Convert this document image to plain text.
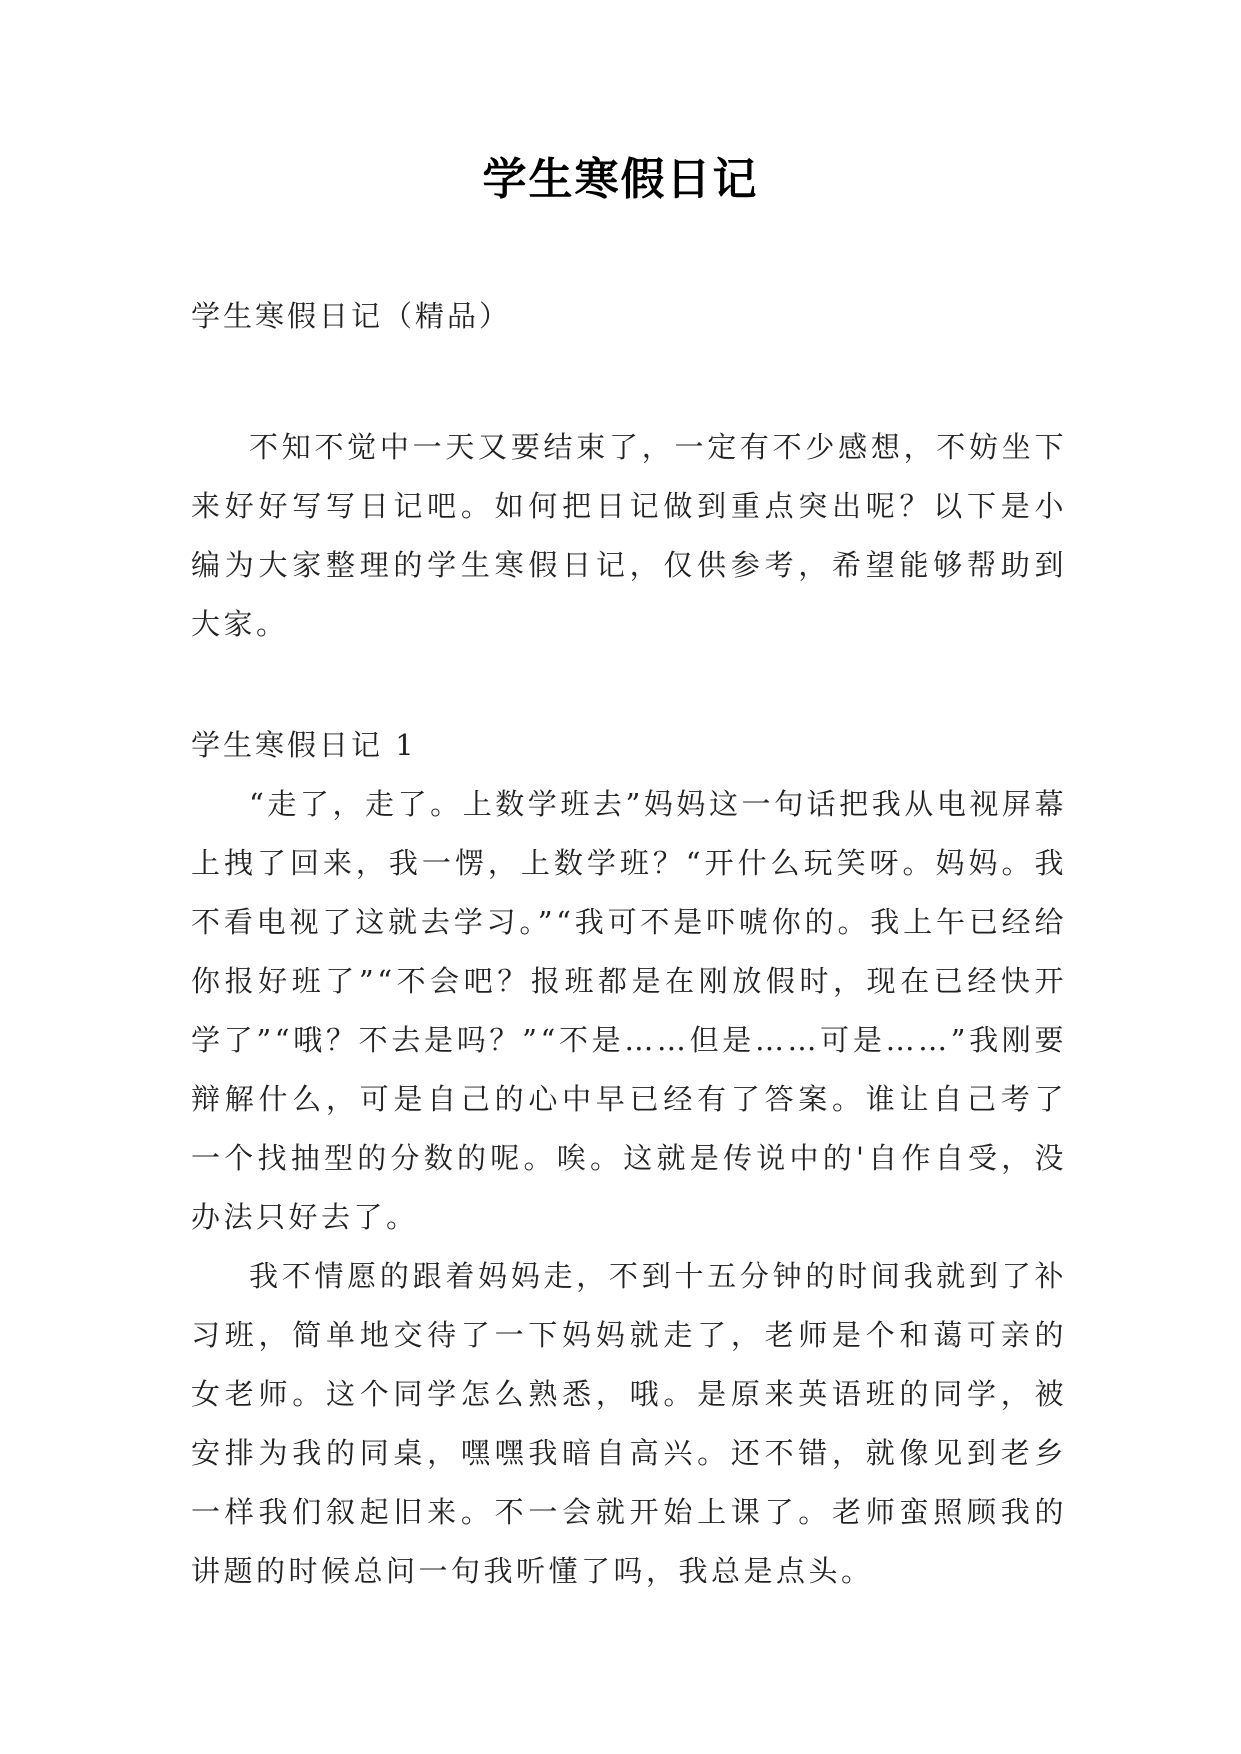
学生寒假日记

学生寒假日记（精品）

不知不觉中一天又要结束了，一定有不少感想，不妨坐下来好好写写日记吧。如何把日记做到重点突出呢？以下是小编为大家整理的学生寒假日记，仅供参考，希望能够帮助到大家。

学生寒假日记 1

“走了，走了。上数学班去”妈妈这一句话把我从电视屏幕上拽了回来，我一愣，上数学班？“开什么玩笑呀。妈妈。我不看电视了这就去学习。”“我可不是吓唬你的。我上午已经给你报好班了”“不会吧？报班都是在刚放假时，现在已经快开学了”“哦？不去是吗？”“不是……但是……可是……”我刚要辩解什么，可是自己的心中早已经有了答案。谁让自己考了一个找抽型的分数的呢。唉。这就是传说中的'自作自受，没办法只好去了。

我不情愿的跟着妈妈走，不到十五分钟的时间我就到了补习班，简单地交待了一下妈妈就走了，老师是个和蔼可亲的女老师。这个同学怎么熟悉，哦。是原来英语班的同学，被安排为我的同桌，嘿嘿我暗自高兴。还不错，就像见到老乡一样我们叙起旧来。不一会就开始上课了。老师蛮照顾我的讲题的时候总问一句我听懂了吗，我总是点头。
